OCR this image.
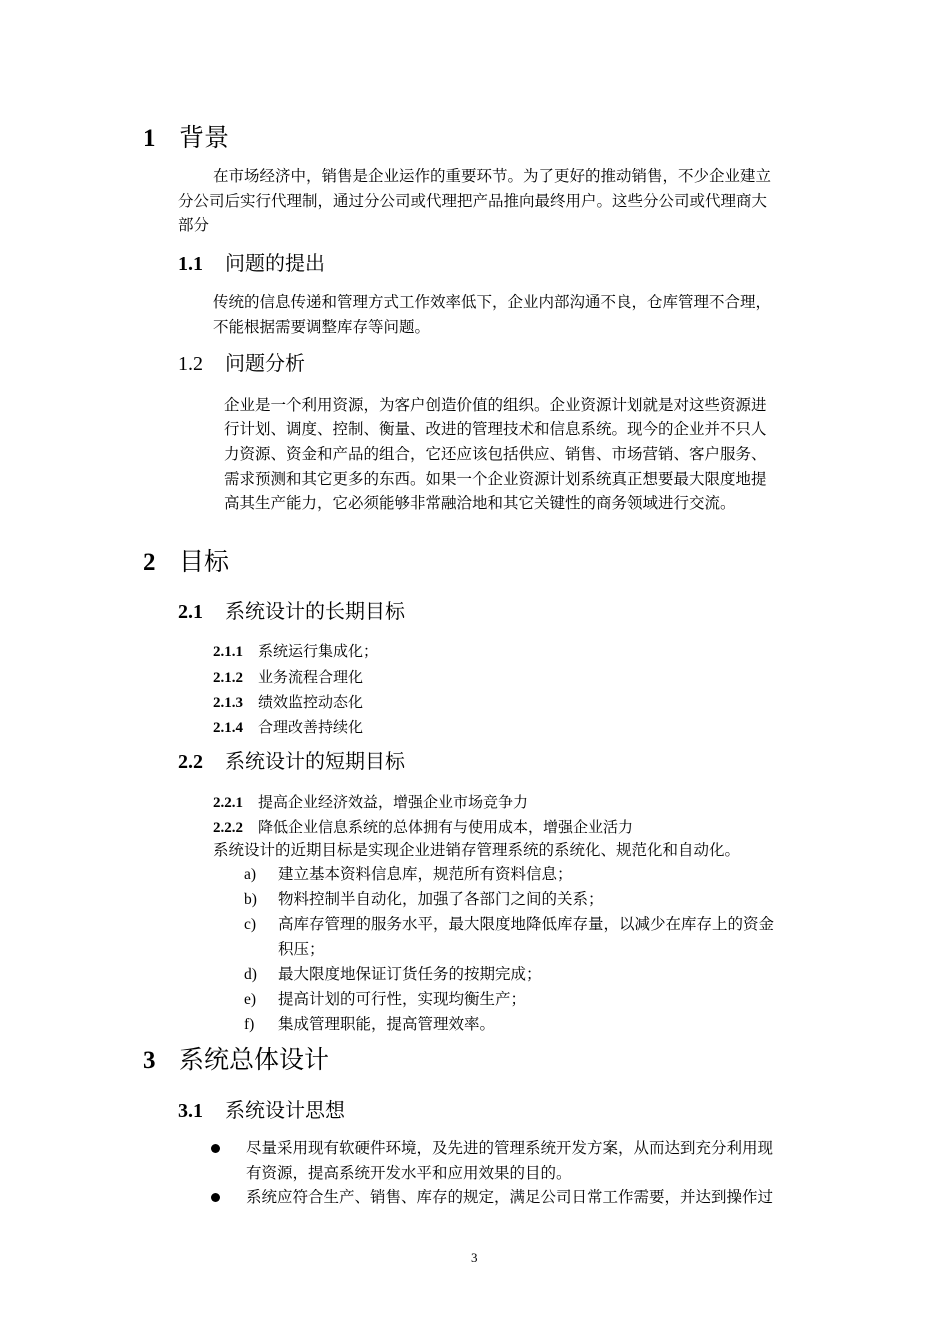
1 背景
在市场经济中，销售是企业运作的重要环节。为了更好的推动销售，不少企业建立
分公司后实行代理制，通过分公司或代理把产品推向最终用户。这些分公司或代理商大
部分
1.1 问题的提出
传统的信息传递和管理方式工作效率低下，企业内部沟通不良，仓库管理不合理，
不能根据需要调整库存等问题。
1.2 问题分析
企业是一个利用资源，为客户创造价值的组织。企业资源计划就是对这些资源进
行计划、调度、控制、衡量、改进的管理技术和信息系统。现今的企业并不只人
力资源、资金和产品的组合，它还应该包括供应、销售、市场营销、客户服务、
需求预测和其它更多的东西。如果一个企业资源计划系统真正想要最大限度地提
高其生产能力，它必须能够非常融洽地和其它关键性的商务领域进行交流。
2 目标
2.1 系统设计的长期目标
2.1.1 系统运行集成化；
2.1.2 业务流程合理化
2.1.3 绩效监控动态化
2.1.4 合理改善持续化
2.2 系统设计的短期目标
2.2.1 提高企业经济效益，增强企业市场竞争力
2.2.2 降低企业信息系统的总体拥有与使用成本，增强企业活力
系统设计的近期目标是实现企业进销存管理系统的系统化、规范化和自动化。
a) 建立基本资料信息库，规范所有资料信息；
b) 物料控制半自动化，加强了各部门之间的关系；
c) 高库存管理的服务水平，最大限度地降低库存量，以减少在库存上的资金
积压；
d) 最大限度地保证订货任务的按期完成；
e) 提高计划的可行性，实现均衡生产；
f) 集成管理职能，提高管理效率。
3 系统总体设计
3.1 系统设计思想
尽量采用现有软硬件环境，及先进的管理系统开发方案，从而达到充分利用现
有资源，提高系统开发水平和应用效果的目的。
系统应符合生产、销售、库存的规定，满足公司日常工作需要，并达到操作过
3
